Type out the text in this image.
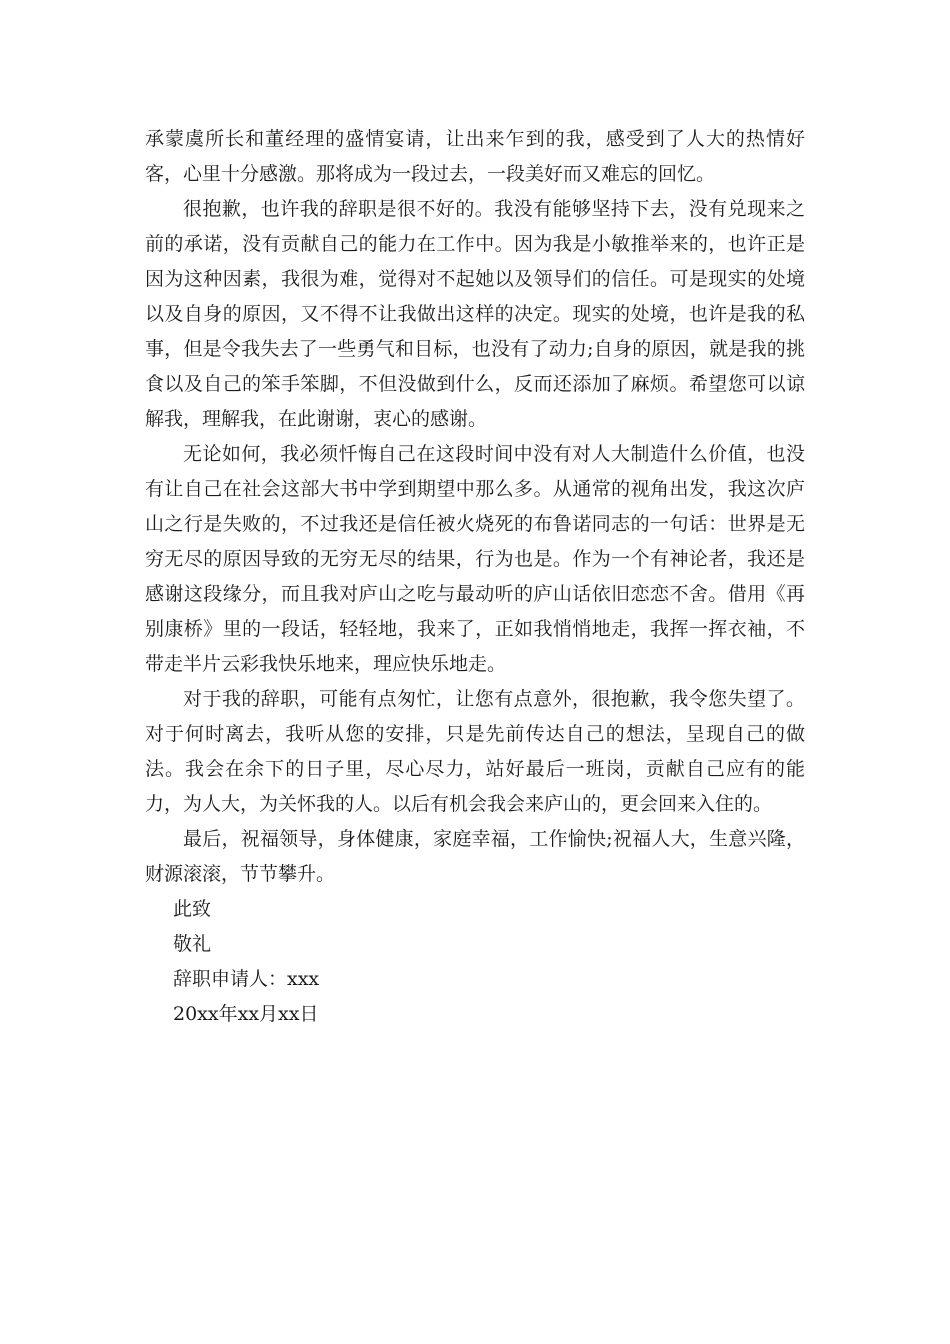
承蒙虞所长和董经理的盛情宴请，让出来乍到的我，感受到了人大的热情好客，心里十分感激。那将成为一段过去，一段美好而又难忘的回忆。

很抱歉，也许我的辞职是很不好的。我没有能够坚持下去，没有兑现来之前的承诺，没有贡献自己的能力在工作中。因为我是小敏推举来的，也许正是因为这种因素，我很为难，觉得对不起她以及领导们的信任。可是现实的处境以及自身的原因，又不得不让我做出这样的决定。现实的处境，也许是我的私事，但是令我失去了一些勇气和目标，也没有了动力;自身的原因，就是我的挑食以及自己的笨手笨脚，不但没做到什么，反而还添加了麻烦。希望您可以谅解我，理解我，在此谢谢，衷心的感谢。

无论如何，我必须忏悔自己在这段时间中没有对人大制造什么价值，也没有让自己在社会这部大书中学到期望中那么多。从通常的视角出发，我这次庐山之行是失败的，不过我还是信任被火烧死的布鲁诺同志的一句话：世界是无穷无尽的原因导致的无穷无尽的结果，行为也是。作为一个有神论者，我还是感谢这段缘分，而且我对庐山之吃与最动听的庐山话依旧恋恋不舍。借用《再别康桥》里的一段话，轻轻地，我来了，正如我悄悄地走，我挥一挥衣袖，不带走半片云彩我快乐地来，理应快乐地走。

对于我的辞职，可能有点匆忙，让您有点意外，很抱歉，我令您失望了。对于何时离去，我听从您的安排，只是先前传达自己的想法，呈现自己的做法。我会在余下的日子里，尽心尽力，站好最后一班岗，贡献自己应有的能力，为人大，为关怀我的人。以后有机会我会来庐山的，更会回来入住的。

最后，祝福领导，身体健康，家庭幸福，工作愉快;祝福人大，生意兴隆，财源滚滚，节节攀升。

此致

敬礼

辞职申请人：xxx

20xx年xx月xx日
